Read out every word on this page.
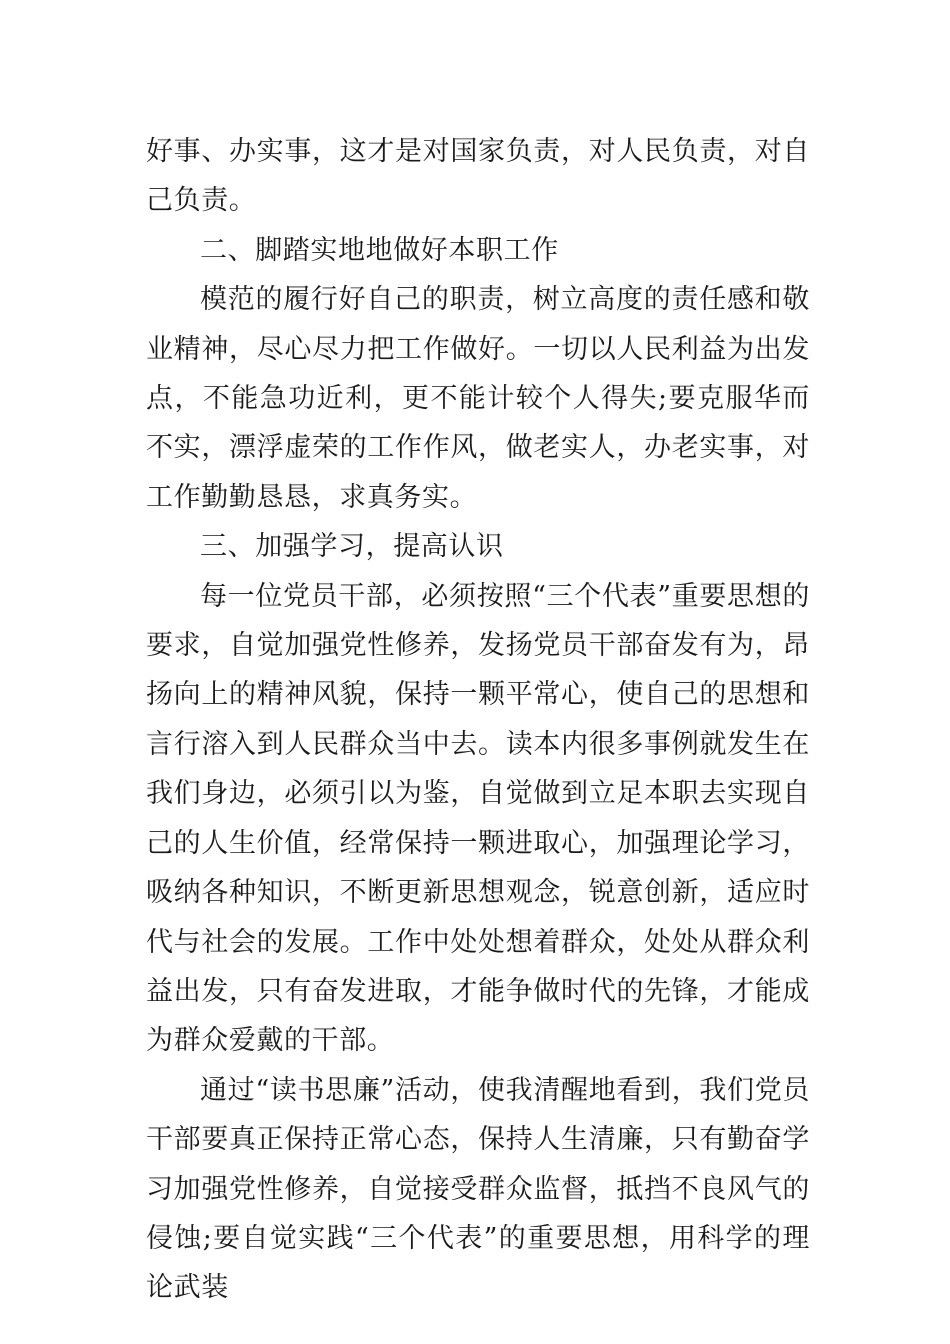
好事、办实事，这才是对国家负责，对人民负责，对自己负责。

二、脚踏实地地做好本职工作

模范的履行好自己的职责，树立高度的责任感和敬业精神，尽心尽力把工作做好。一切以人民利益为出发点，不能急功近利，更不能计较个人得失;要克服华而不实，漂浮虚荣的工作作风，做老实人，办老实事，对工作勤勤恳恳，求真务实。

三、加强学习，提高认识

每一位党员干部，必须按照“三个代表”重要思想的要求，自觉加强党性修养，发扬党员干部奋发有为，昂扬向上的精神风貌，保持一颗平常心，使自己的思想和言行溶入到人民群众当中去。读本内很多事例就发生在我们身边，必须引以为鉴，自觉做到立足本职去实现自己的人生价值，经常保持一颗进取心，加强理论学习，吸纳各种知识，不断更新思想观念，锐意创新，适应时代与社会的发展。工作中处处想着群众，处处从群众利益出发，只有奋发进取，才能争做时代的先锋，才能成为群众爱戴的干部。

通过“读书思廉”活动，使我清醒地看到，我们党员干部要真正保持正常心态，保持人生清廉，只有勤奋学习加强党性修养，自觉接受群众监督，抵挡不良风气的侵蚀;要自觉实践“三个代表”的重要思想，用科学的理论武装
